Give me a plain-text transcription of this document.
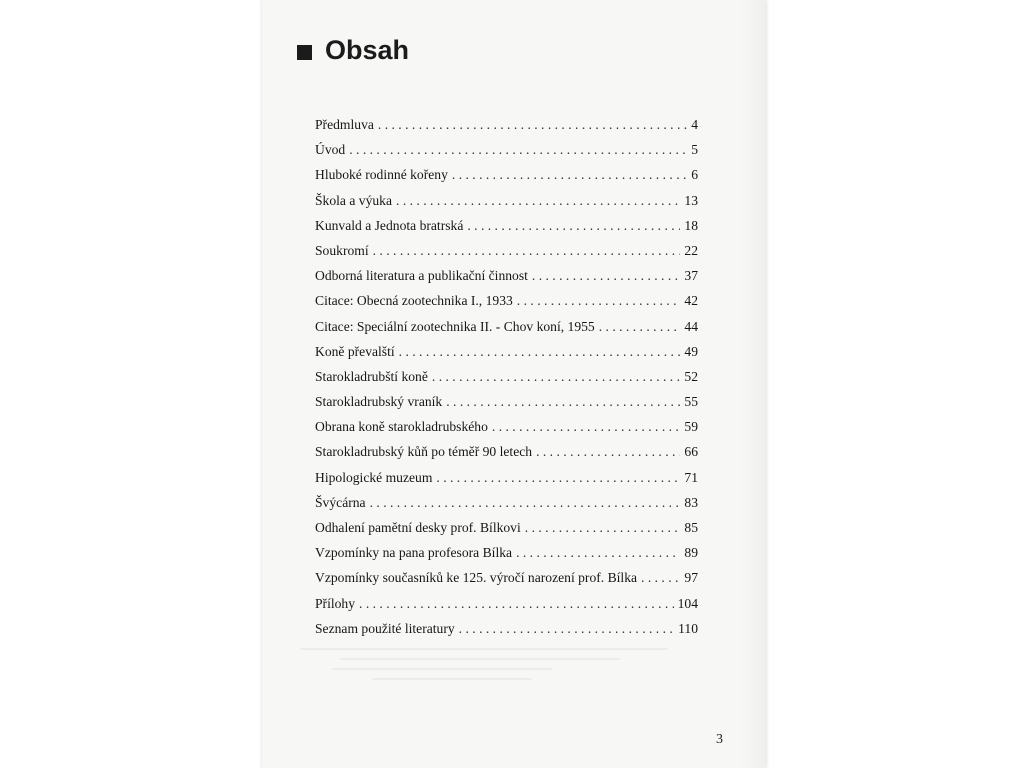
Obsah
Předmluva . . .	4
Úvod . . .	5
Hluboké rodinné kořeny . . .	6
Škola a výuka . . .	13
Kunvald a Jednota bratrská . . .	18
Soukromí . . .	22
Odborná literatura a publikační činnost . . .	37
Citace: Obecná zootechnika I., 1933 . . .	42
Citace: Speciální zootechnika II. - Chov koní, 1955 . . .	44
Koně převalští . . .	49
Starokladrubští koně . . .	52
Starokladrubský vraník . . .	55
Obrana koně starokladrubského . . .	59
Starokladrubský kůň po téměř 90 letech . . .	66
Hipologické muzeum . . .	71
Švýcárna . . .	83
Odhalení pamětní desky prof. Bílkovi . . .	85
Vzpomínky na pana profesora Bílka . . .	89
Vzpomínky současníků ke 125. výročí narození prof. Bílka . . .	97
Přílohy . . .	104
Seznam použité literatury . . .	110
3
